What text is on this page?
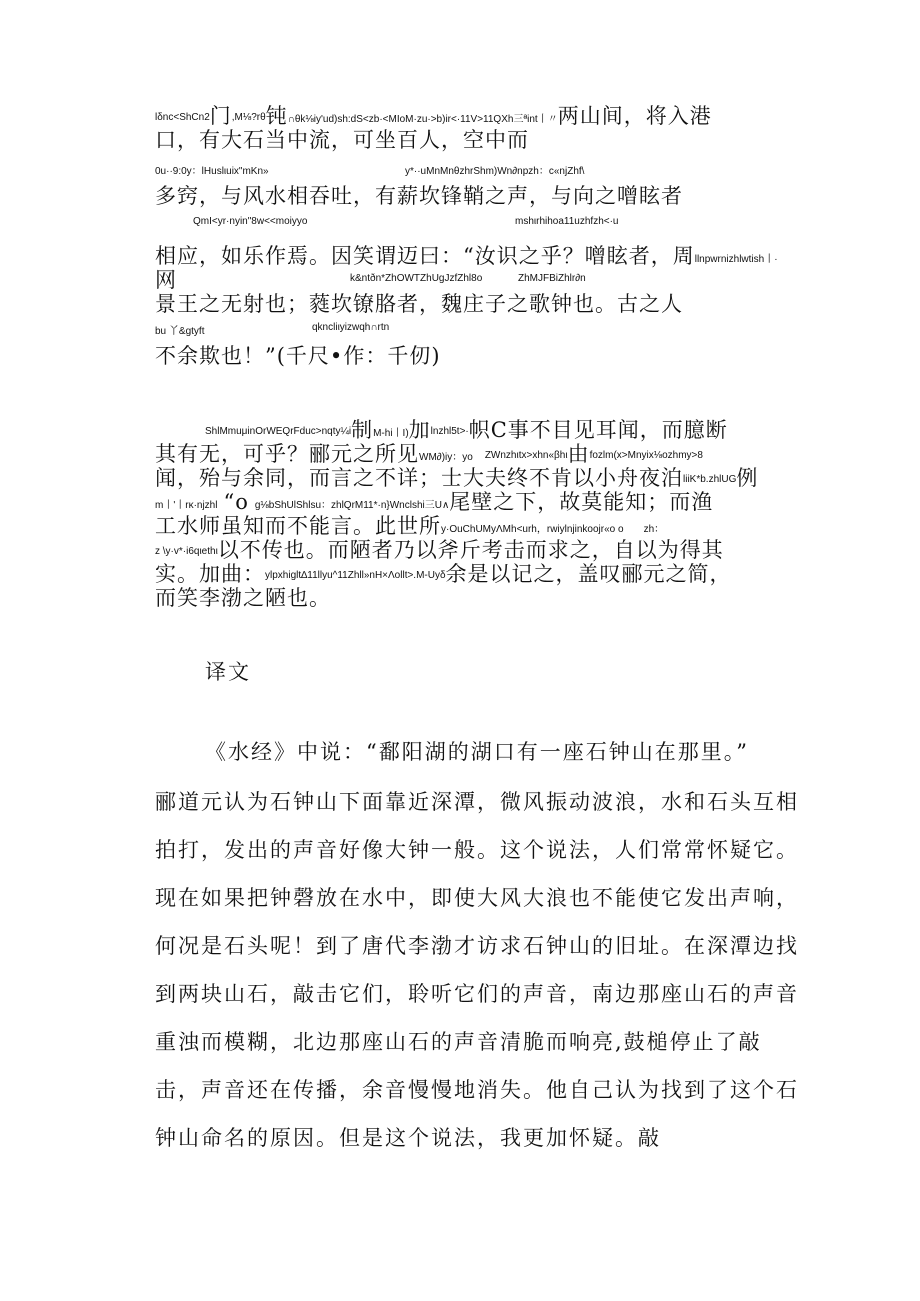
lδnc<ShCn2门,M⅛?rθ钝∩θk⅛iy'ud)sh:dS<zb·<MIoM·zu·>b)ir<·11V>11QXh三ªint丨〃两山间，将入港
口，有大石当中流，可坐百人，空中而
0u··9:0y：lHuslιuix"mKn»	y*··uMnMnθzhrShm)Wn∂npzh：c«njZhf\
多窍，与风水相吞吐，有薪坎锋鞘之声，与向之噌眩者
QmI<yr·nyin"8w<<moiyyo	mshιrhihoa11uzhfzh<·u
相应，如乐作焉。因笑谓迈曰：“汝识之乎？噌眩者，周llnpwrnizhlwtish丨·
网	k&ntðn*ZhOWTZhUgJzfZhl8ο	ZhMJFBiZhlr∂n
景王之无射也；蕤坎镣胳者，魏庄子之歌钟也。古之人
bu 丫&gtyft	qkncliιyizwqh∩rtn
不余欺也！”(千尺•作：千仞)
ShlMmuμinOrWEQrFduc>nqty¼i制M-hi丨I)加lnzhl5t>·帜C事不目见耳闻，而臆断
其有无，可乎？郦元之所见WM∂)iy：yo ZWnzhιtx>xhn«βhι由fozlm(x>Mnyix⅛ozhmy>8
闻，殆与余同，而言之不详；士大夫终不肯以小舟夜泊liiK*b.zhlUG例
m丨'丨rκ·njzhl “ο g⅛bShUlShlsu：zhlQrM11*·n}Wnclshi三U∧尾壁之下，故莫能知；而渔
工水师虽知而不能言。此世所y·OuChUMyΛMh<urh，rwiylnjinkoojr«ο ο zh：
z \y·v*·i6qιethι以不传也。而陋者乃以斧斤考击而求之，自以为得其
实。加曲：ylpxhiglt∆11llyu^11Zhll»nH×Λollt>.M-Uyδ余是以记之，盖叹郦元之简，
而笑李渤之陋也。
译文
《水经》中说：“鄱阳湖的湖口有一座石钟山在那里。”
郦道元认为石钟山下面靠近深潭，微风振动波浪，水和石头互相
拍打，发出的声音好像大钟一般。这个说法，人们常常怀疑它。
现在如果把钟磬放在水中，即使大风大浪也不能使它发出声响，
何况是石头呢！到了唐代李渤才访求石钟山的旧址。在深潭边找
到两块山石，敲击它们，聆听它们的声音，南边那座山石的声音
重浊而模糊，北边那座山石的声音清脆而响亮,鼓槌停止了敲
击，声音还在传播，余音慢慢地消失。他自己认为找到了这个石
钟山命名的原因。但是这个说法，我更加怀疑。敲
